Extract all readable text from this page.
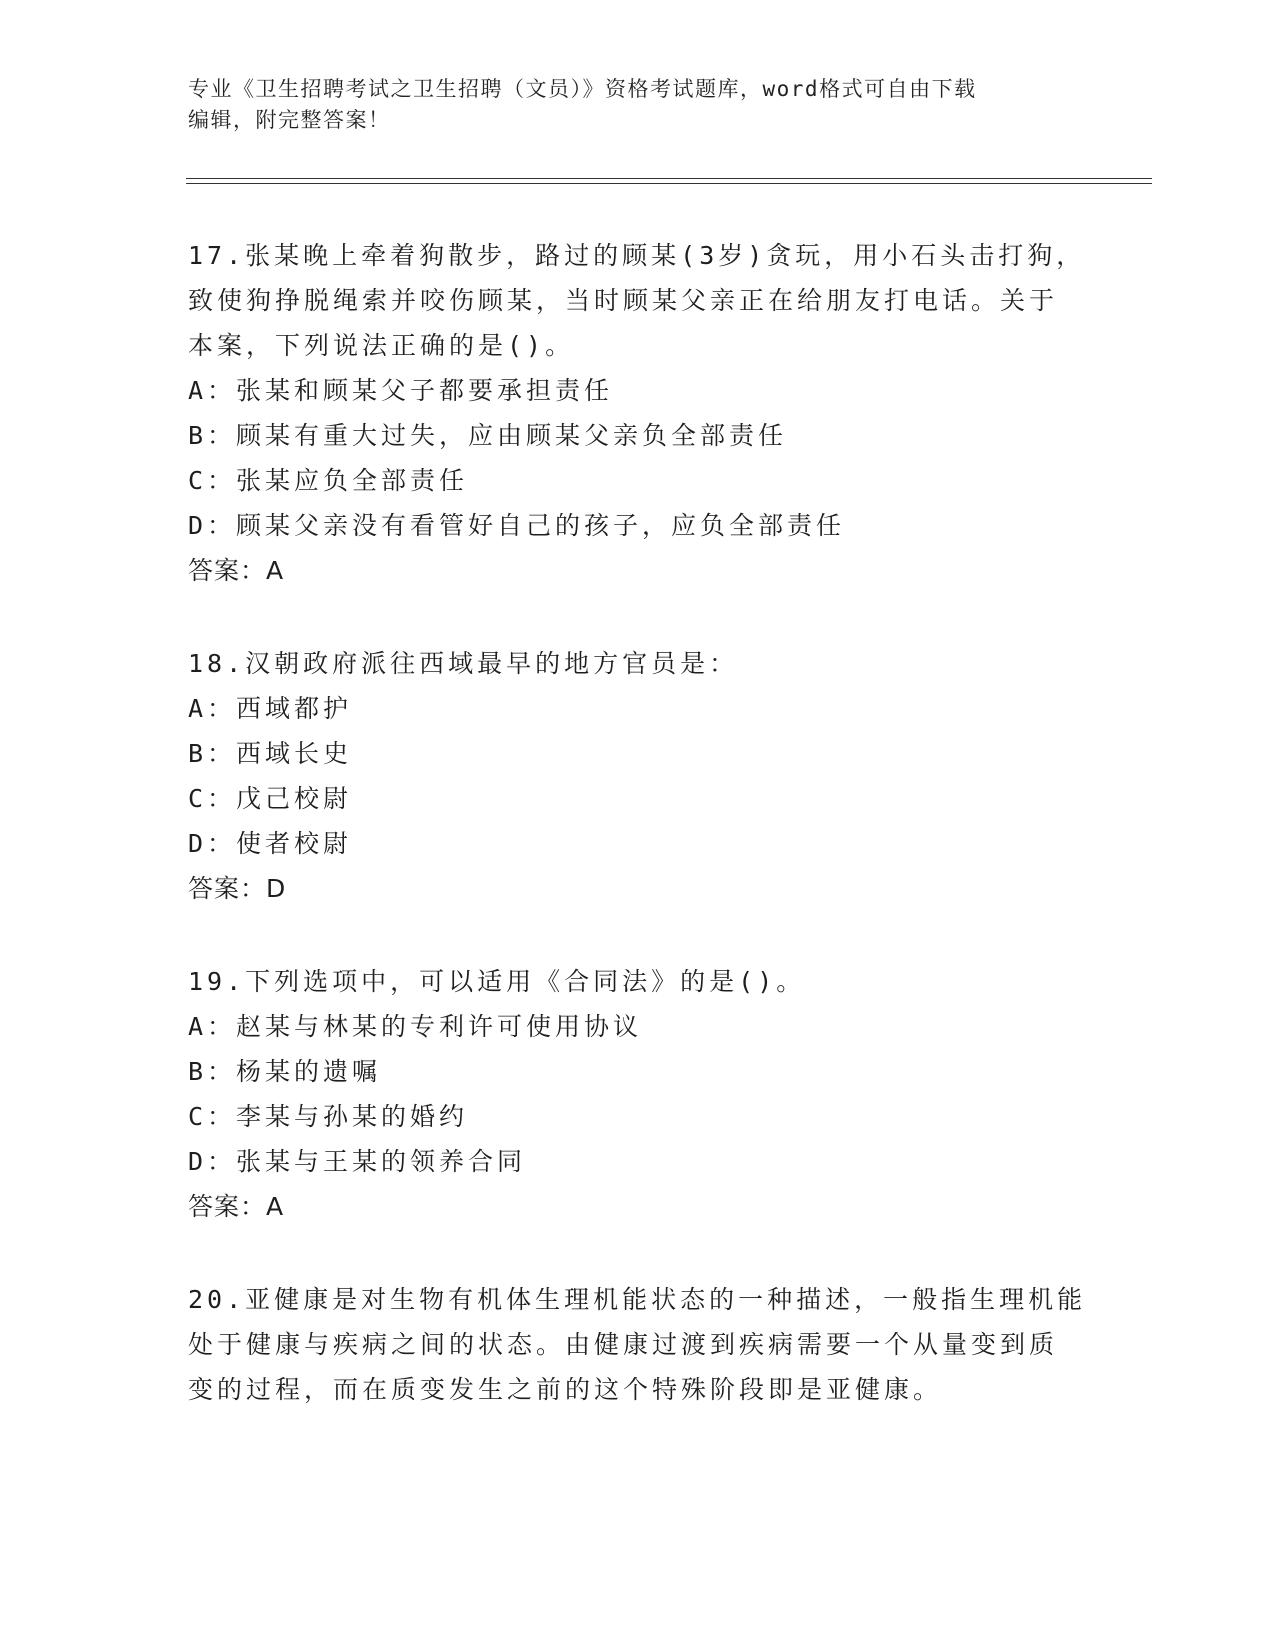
专业《卫生招聘考试之卫生招聘（文员）》资格考试题库，word格式可自由下载
编辑，附完整答案！

17.张某晚上牵着狗散步，路过的顾某(3岁)贪玩，用小石头击打狗，

致使狗挣脱绳索并咬伤顾某，当时顾某父亲正在给朋友打电话。关于

本案，下列说法正确的是()。

A：张某和顾某父子都要承担责任

B：顾某有重大过失，应由顾某父亲负全部责任

C：张某应负全部责任

D：顾某父亲没有看管好自己的孩子，应负全部责任

答案：A

18.汉朝政府派往西域最早的地方官员是：

A：西域都护

B：西域长史

C：戊己校尉

D：使者校尉

答案：D

19.下列选项中，可以适用《合同法》的是()。

A：赵某与林某的专利许可使用协议

B：杨某的遗嘱

C：李某与孙某的婚约

D：张某与王某的领养合同

答案：A

20.亚健康是对生物有机体生理机能状态的一种描述，一般指生理机能

处于健康与疾病之间的状态。由健康过渡到疾病需要一个从量变到质

变的过程，而在质变发生之前的这个特殊阶段即是亚健康。
